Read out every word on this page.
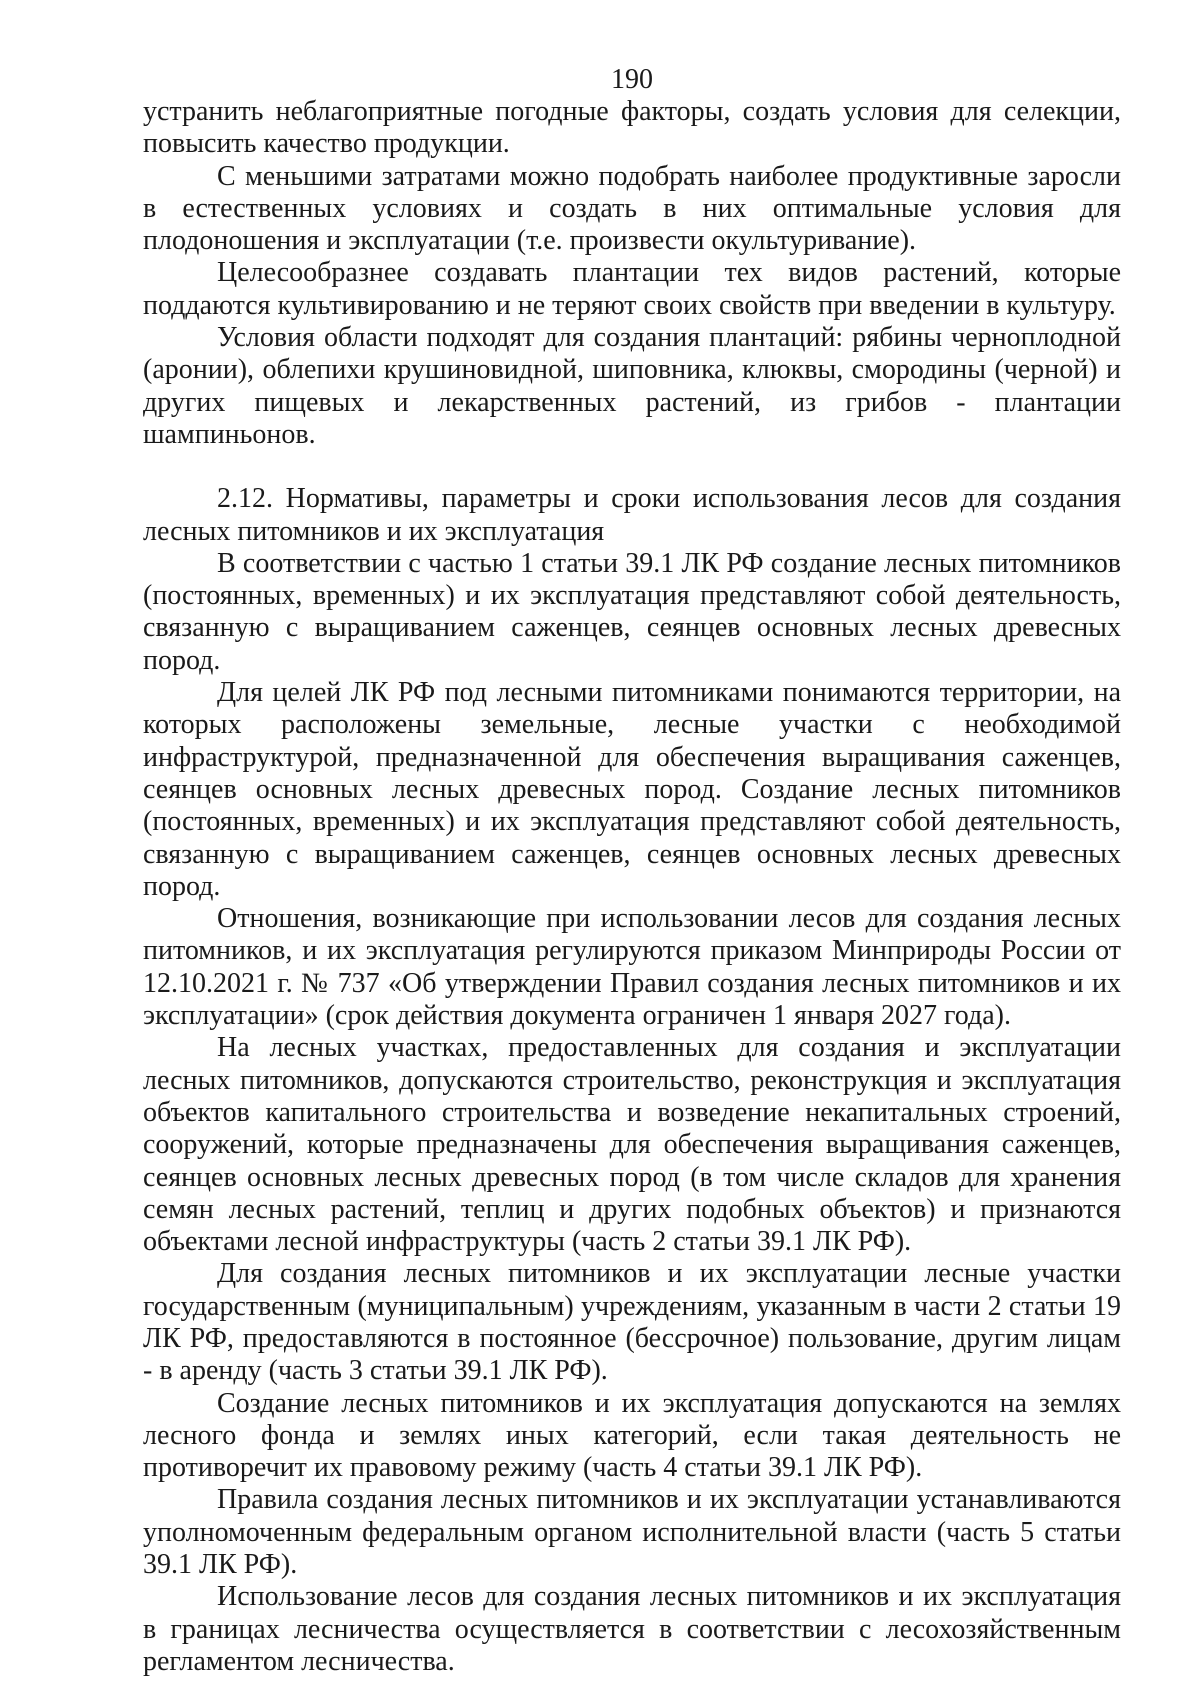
190

устранить неблагоприятные погодные факторы, создать условия для селекции, повысить качество продукции.

С меньшими затратами можно подобрать наиболее продуктивные заросли в естественных условиях и создать в них оптимальные условия для плодоношения и эксплуатации (т.е. произвести окультуривание).

Целесообразнее создавать плантации тех видов растений, которые поддаются культивированию и не теряют своих свойств при введении в культуру.

Условия области подходят для создания плантаций: рябины черноплодной (аронии), облепихи крушиновидной, шиповника, клюквы, смородины (черной) и других пищевых и лекарственных растений, из грибов - плантации шампиньонов.

2.12. Нормативы, параметры и сроки использования лесов для создания лесных питомников и их эксплуатация

В соответствии с частью 1 статьи 39.1 ЛК РФ создание лесных питомников (постоянных, временных) и их эксплуатация представляют собой деятельность, связанную с выращиванием саженцев, сеянцев основных лесных древесных пород.

Для целей ЛК РФ под лесными питомниками понимаются территории, на которых расположены земельные, лесные участки с необходимой инфраструктурой, предназначенной для обеспечения выращивания саженцев, сеянцев основных лесных древесных пород. Создание лесных питомников (постоянных, временных) и их эксплуатация представляют собой деятельность, связанную с выращиванием саженцев, сеянцев основных лесных древесных пород.

Отношения, возникающие при использовании лесов для создания лесных питомников, и их эксплуатация регулируются приказом Минприроды России от 12.10.2021 г. № 737 «Об утверждении Правил создания лесных питомников и их эксплуатации» (срок действия документа ограничен 1 января 2027 года).

На лесных участках, предоставленных для создания и эксплуатации лесных питомников, допускаются строительство, реконструкция и эксплуатация объектов капитального строительства и возведение некапитальных строений, сооружений, которые предназначены для обеспечения выращивания саженцев, сеянцев основных лесных древесных пород (в том числе складов для хранения семян лесных растений, теплиц и других подобных объектов) и признаются объектами лесной инфраструктуры (часть 2 статьи 39.1 ЛК РФ).

Для создания лесных питомников и их эксплуатации лесные участки государственным (муниципальным) учреждениям, указанным в части 2 статьи 19 ЛК РФ, предоставляются в постоянное (бессрочное) пользование, другим лицам - в аренду (часть 3 статьи 39.1 ЛК РФ).

Создание лесных питомников и их эксплуатация допускаются на землях лесного фонда и землях иных категорий, если такая деятельность не противоречит их правовому режиму (часть 4 статьи 39.1 ЛК РФ).

Правила создания лесных питомников и их эксплуатации устанавливаются уполномоченным федеральным органом исполнительной власти (часть 5 статьи 39.1 ЛК РФ).

Использование лесов для создания лесных питомников и их эксплуатация в границах лесничества осуществляется в соответствии с лесохозяйственным регламентом лесничества.
